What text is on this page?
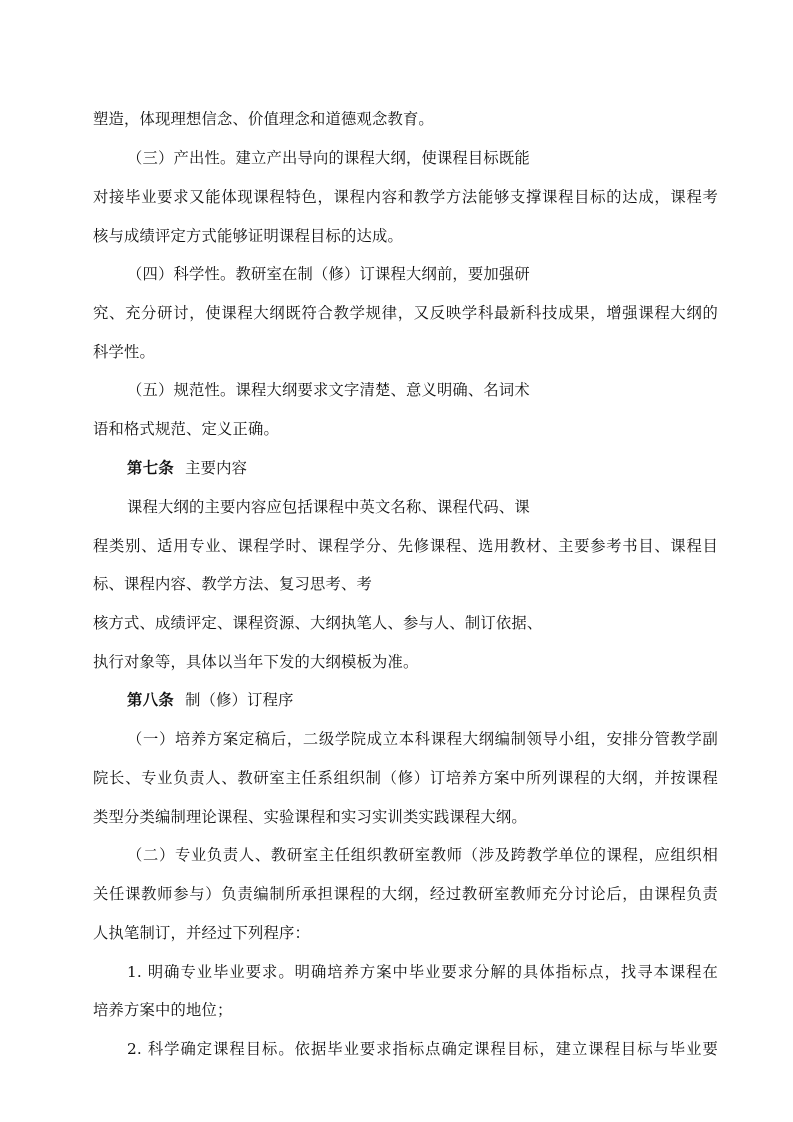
塑造，体现理想信念、价值理念和道德观念教育。
（三）产出性。建立产出导向的课程大纲，使课程目标既能
对接毕业要求又能体现课程特色，课程内容和教学方法能够支撑课程目标的达成，课程考
核与成绩评定方式能够证明课程目标的达成。
（四）科学性。教研室在制（修）订课程大纲前，要加强研
究、充分研讨，使课程大纲既符合教学规律，又反映学科最新科技成果，增强课程大纲的
科学性。
（五）规范性。课程大纲要求文字清楚、意义明确、名词术
语和格式规范、定义正确。
第七条 主要内容
课程大纲的主要内容应包括课程中英文名称、课程代码、课
程类别、适用专业、课程学时、课程学分、先修课程、选用教材、主要参考书目、课程目
标、课程内容、教学方法、复习思考、考
核方式、成绩评定、课程资源、大纲执笔人、参与人、制订依据、
执行对象等，具体以当年下发的大纲模板为准。
第八条 制（修）订程序
（一）培养方案定稿后，二级学院成立本科课程大纲编制领导小组，安排分管教学副
院长、专业负责人、教研室主任系组织制（修）订培养方案中所列课程的大纲，并按课程
类型分类编制理论课程、实验课程和实习实训类实践课程大纲。
（二）专业负责人、教研室主任组织教研室教师（涉及跨教学单位的课程，应组织相
关任课教师参与）负责编制所承担课程的大纲，经过教研室教师充分讨论后，由课程负责
人执笔制订，并经过下列程序：
1. 明确专业毕业要求。明确培养方案中毕业要求分解的具体指标点，找寻本课程在
培养方案中的地位；
2. 科学确定课程目标。依据毕业要求指标点确定课程目标，建立课程目标与毕业要
